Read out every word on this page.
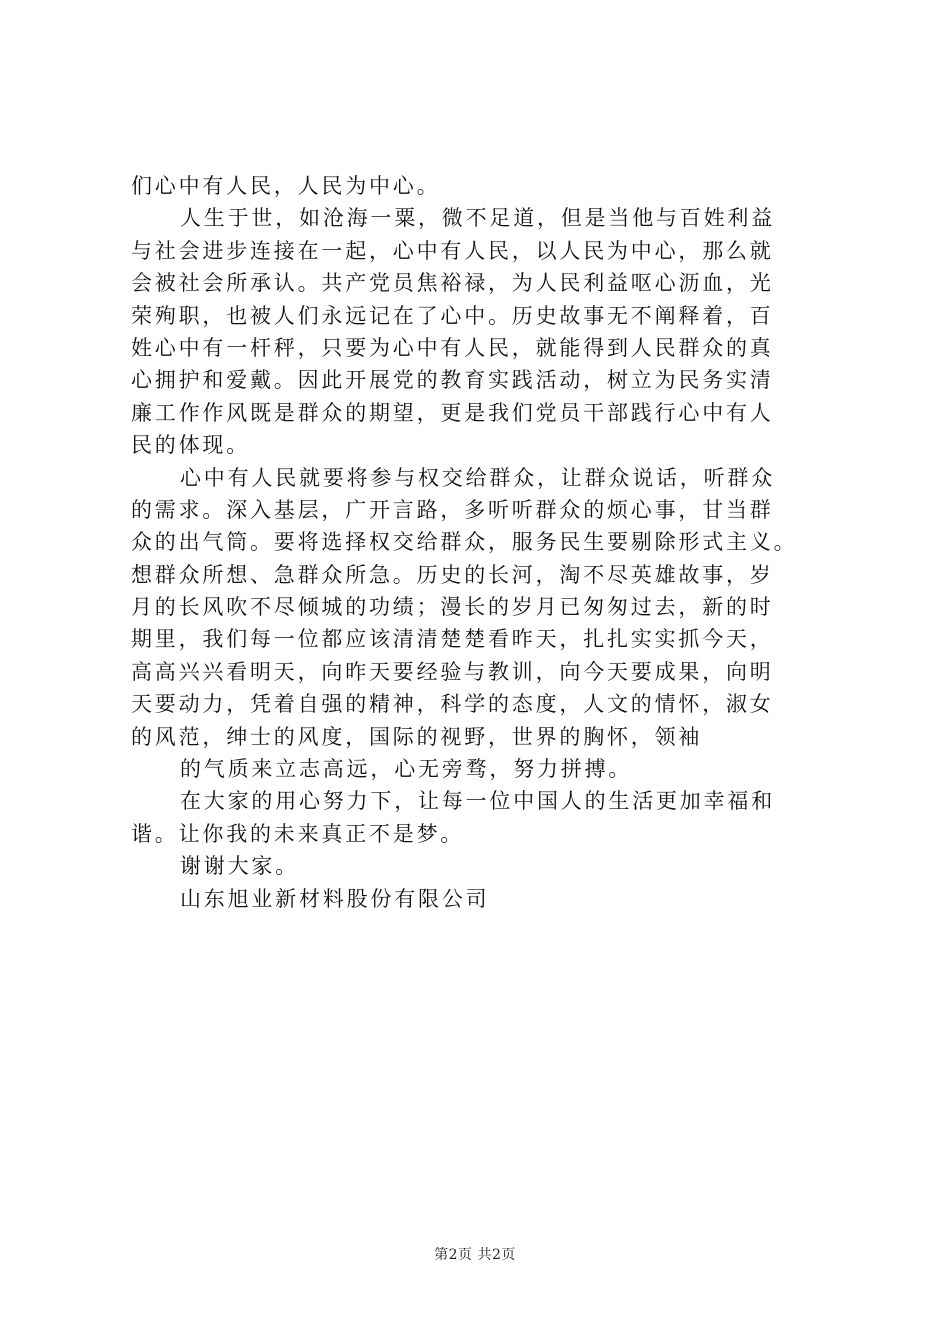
们心中有人民，人民为中心。
人生于世，如沧海一粟，微不足道，但是当他与百姓利益
与社会进步连接在一起，心中有人民，以人民为中心，那么就
会被社会所承认。共产党员焦裕禄，为人民利益呕心沥血，光
荣殉职，也被人们永远记在了心中。历史故事无不阐释着，百
姓心中有一杆秤，只要为心中有人民，就能得到人民群众的真
心拥护和爱戴。因此开展党的教育实践活动，树立为民务实清
廉工作作风既是群众的期望，更是我们党员干部践行心中有人
民的体现。
心中有人民就要将参与权交给群众，让群众说话，听群众
的需求。深入基层，广开言路，多听听群众的烦心事，甘当群
众的出气筒。要将选择权交给群众，服务民生要剔除形式主义。
想群众所想、急群众所急。历史的长河，淘不尽英雄故事，岁
月的长风吹不尽倾城的功绩；漫长的岁月已匆匆过去，新的时
期里，我们每一位都应该清清楚楚看昨天，扎扎实实抓今天，
高高兴兴看明天，向昨天要经验与教训，向今天要成果，向明
天要动力，凭着自强的精神，科学的态度，人文的情怀，淑女
的风范，绅士的风度，国际的视野，世界的胸怀，领袖
的气质来立志高远，心无旁骛，努力拼搏。
在大家的用心努力下，让每一位中国人的生活更加幸福和
谐。让你我的未来真正不是梦。
谢谢大家。
山东旭业新材料股份有限公司
第2页 共2页
